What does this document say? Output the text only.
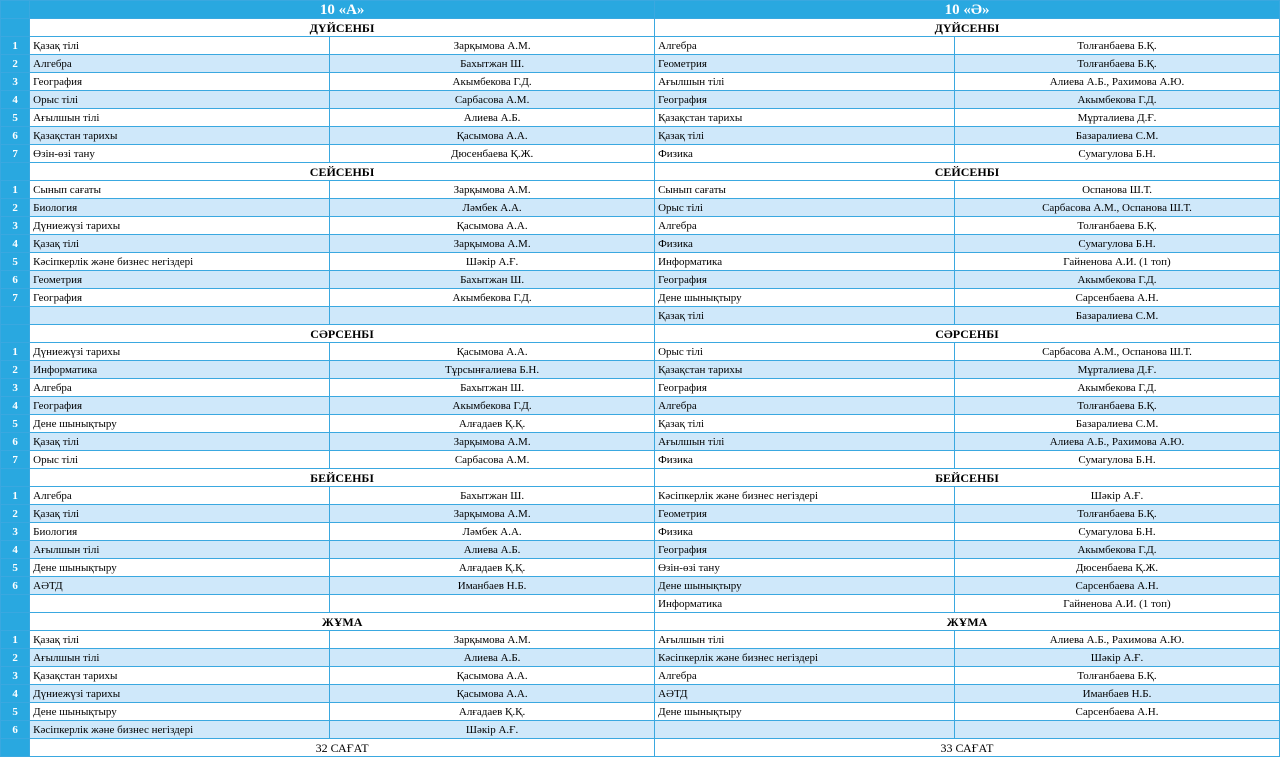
	10 «А»		10 «Ә»	
	ДҮЙСЕНБІ		ДҮЙСЕНБІ	
1	Қазақ тілі	Зарқымова А.М.	Алгебра	Толғанбаева Б.Қ.
2	Алгебра	Бахытжан Ш.	Геометрия	Толғанбаева Б.Қ.
3	География	Акымбекова Г.Д.	Ағылшын тілі	Алиева А.Б., Рахимова А.Ю.
4	Орыс тілі	Сарбасова А.М.	География	Акымбекова Г.Д.
5	Ағылшын тілі	Алиева А.Б.	Қазақстан тарихы	Мұрталиева Д.Ғ.
6	Қазақстан тарихы	Қасымова А.А.	Қазақ тілі	Базаралиева С.М.
7	Өзін-өзі тану	Дюсенбаева Қ.Ж.	Физика	Сумагулова Б.Н.
	СЕЙСЕНБІ		СЕЙСЕНБІ	
1	Сынып сағаты	Зарқымова А.М.	Сынып сағаты	Оспанова Ш.Т.
2	Биология	Ләмбек А.А.	Орыс тілі	Сарбасова А.М., Оспанова Ш.Т.
3	Дүниежүзі тарихы	Қасымова А.А.	Алгебра	Толғанбаева Б.Қ.
4	Қазақ тілі	Зарқымова А.М.	Физика	Сумагулова Б.Н.
5	Кәсіпкерлік және бизнес негіздері	Шәкір А.Ғ.	Информатика	Гайненова А.И. (1 топ)
6	Геометрия	Бахытжан Ш.	География	Акымбекова Г.Д.
7	География	Акымбекова Г.Д.	Дене шынықтыру	Сарсенбаева А.Н.
			Қазақ тілі	Базаралиева С.М.
	СӘРСЕНБІ		СӘРСЕНБІ	
1	Дүниежүзі тарихы	Қасымова А.А.	Орыс тілі	Сарбасова А.М., Оспанова Ш.Т.
2	Информатика	Тұрсынғалиева Б.Н.	Қазақстан тарихы	Мұрталиева Д.Ғ.
3	Алгебра	Бахытжан Ш.	География	Акымбекова Г.Д.
4	География	Акымбекова Г.Д.	Алгебра	Толғанбаева Б.Қ.
5	Дене шынықтыру	Алғадаев Қ.Қ.	Қазақ тілі	Базаралиева С.М.
6	Қазақ тілі	Зарқымова А.М.	Ағылшын тілі	Алиева А.Б., Рахимова А.Ю.
7	Орыс тілі	Сарбасова А.М.	Физика	Сумагулова Б.Н.
	БЕЙСЕНБІ		БЕЙСЕНБІ	
1	Алгебра	Бахытжан Ш.	Кәсіпкерлік және бизнес негіздері	Шәкір А.Ғ.
2	Қазақ тілі	Зарқымова А.М.	Геометрия	Толғанбаева Б.Қ.
3	Биология	Ләмбек А.А.	Физика	Сумагулова Б.Н.
4	Ағылшын тілі	Алиева А.Б.	География	Акымбекова Г.Д.
5	Дене шынықтыру	Алғадаев Қ.Қ.	Өзін-өзі тану	Дюсенбаева Қ.Ж.
6	АӘТД	Иманбаев Н.Б.	Дене шынықтыру	Сарсенбаева А.Н.
			Информатика	Гайненова А.И. (1 топ)
	ЖҰМА		ЖҰМА	
1	Қазақ тілі	Зарқымова А.М.	Ағылшын тілі	Алиева А.Б., Рахимова А.Ю.
2	Ағылшын тілі	Алиева А.Б.	Кәсіпкерлік және бизнес негіздері	Шәкір А.Ғ.
3	Қазақстан тарихы	Қасымова А.А.	Алгебра	Толғанбаева Б.Қ.
4	Дүниежүзі тарихы	Қасымова А.А.	АӘТД	Иманбаев Н.Б.
5	Дене шынықтыру	Алғадаев Қ.Қ.	Дене шынықтыру	Сарсенбаева А.Н.
6	Кәсіпкерлік және бизнес негіздері	Шәкір А.Ғ.		
	32 САҒАТ		33 САҒАТ	
